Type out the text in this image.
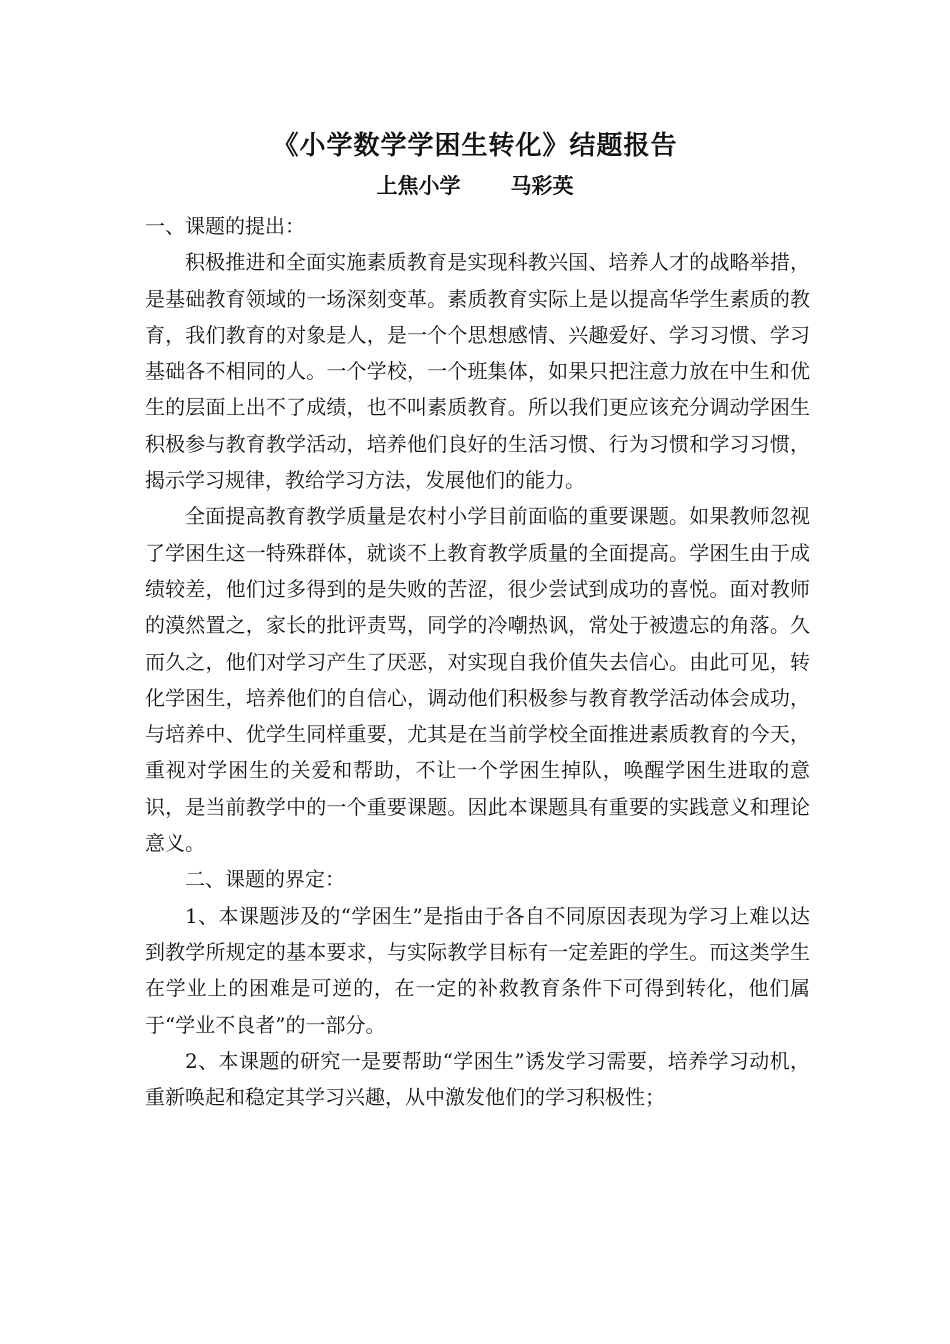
《小学数学学困生转化》结题报告
上焦小学 马彩英

一、课题的提出：

积极推进和全面实施素质教育是实现科教兴国、培养人才的战略举措，是基础教育领域的一场深刻变革。素质教育实际上是以提高华学生素质的教育，我们教育的对象是人，是一个个思想感情、兴趣爱好、学习习惯、学习基础各不相同的人。一个学校，一个班集体，如果只把注意力放在中生和优生的层面上出不了成绩，也不叫素质教育。所以我们更应该充分调动学困生积极参与教育教学活动，培养他们良好的生活习惯、行为习惯和学习习惯，揭示学习规律，教给学习方法，发展他们的能力。

全面提高教育教学质量是农村小学目前面临的重要课题。如果教师忽视了学困生这一特殊群体，就谈不上教育教学质量的全面提高。学困生由于成绩较差，他们过多得到的是失败的苦涩，很少尝试到成功的喜悦。面对教师的漠然置之，家长的批评责骂，同学的冷嘲热讽，常处于被遗忘的角落。久而久之，他们对学习产生了厌恶，对实现自我价值失去信心。由此可见，转化学困生，培养他们的自信心，调动他们积极参与教育教学活动体会成功，与培养中、优学生同样重要，尤其是在当前学校全面推进素质教育的今天，重视对学困生的关爱和帮助，不让一个学困生掉队，唤醒学困生进取的意识，是当前教学中的一个重要课题。因此本课题具有重要的实践意义和理论意义。

二、课题的界定：

1、本课题涉及的“学困生”是指由于各自不同原因表现为学习上难以达到教学所规定的基本要求，与实际教学目标有一定差距的学生。而这类学生在学业上的困难是可逆的，在一定的补救教育条件下可得到转化，他们属于“学业不良者”的一部分。

2、本课题的研究一是要帮助“学困生”诱发学习需要，培养学习动机，重新唤起和稳定其学习兴趣，从中激发他们的学习积极性；
